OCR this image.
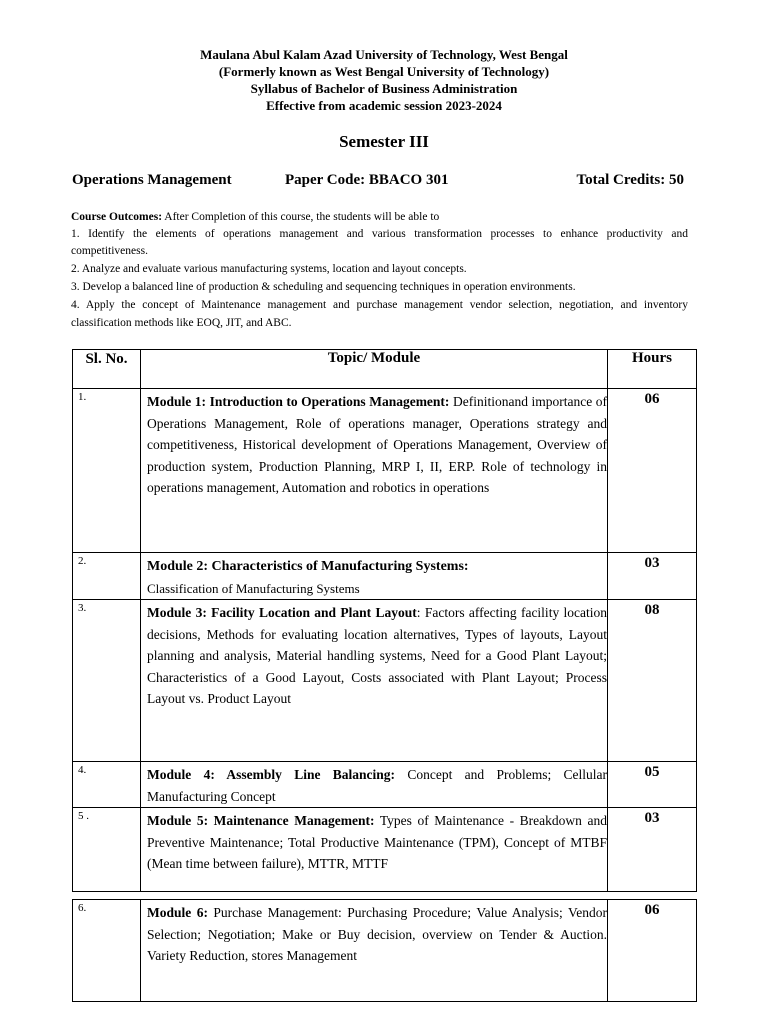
Maulana Abul Kalam Azad University of Technology, West Bengal
(Formerly known as West Bengal University of Technology)
Syllabus of Bachelor of Business Administration
Effective from academic session 2023-2024
Semester III
Operations Management	Paper Code: BBACO 301	Total Credits: 50

Course Outcomes: After Completion of this course, the students will be able to

1. Identify the elements of operations management and various transformation processes to enhance productivity and competitiveness.

2. Analyze and evaluate various manufacturing systems, location and layout concepts.

3. Develop a balanced line of production & scheduling and sequencing techniques in operation environments.

4. Apply the concept of Maintenance management and purchase management vendor selection, negotiation, and inventory classification methods like EOQ, JIT, and ABC.

Sl. No.	Topic/ Module	Hours
1.	Module 1: Introduction to Operations Management: Definitionand importance of Operations Management, Role of operations manager, Operations strategy and competitiveness, Historical development of Operations Management, Overview of production system, Production Planning, MRP I, II, ERP. Role of technology in operations management, Automation and robotics in operations	06
2.	Module 2: Characteristics of Manufacturing Systems:
Classification of Manufacturing Systems	03
3.	Module 3: Facility Location and Plant Layout: Factors affecting facility location decisions, Methods for evaluating location alternatives, Types of layouts, Layout planning and analysis, Material handling systems, Need for a Good Plant Layout; Characteristics of a Good Layout, Costs associated with Plant Layout; Process Layout vs. Product Layout	08
4.	Module 4: Assembly Line Balancing: Concept and Problems; Cellular Manufacturing Concept	05
5 .	Module 5: Maintenance Management: Types of Maintenance - Breakdown and Preventive Maintenance; Total Productive Maintenance (TPM), Concept of MTBF (Mean time between failure), MTTR, MTTF	03
6.	Module 6: Purchase Management: Purchasing Procedure; Value Analysis; Vendor Selection; Negotiation; Make or Buy decision, overview on Tender & Auction. Variety Reduction, stores Management	06
